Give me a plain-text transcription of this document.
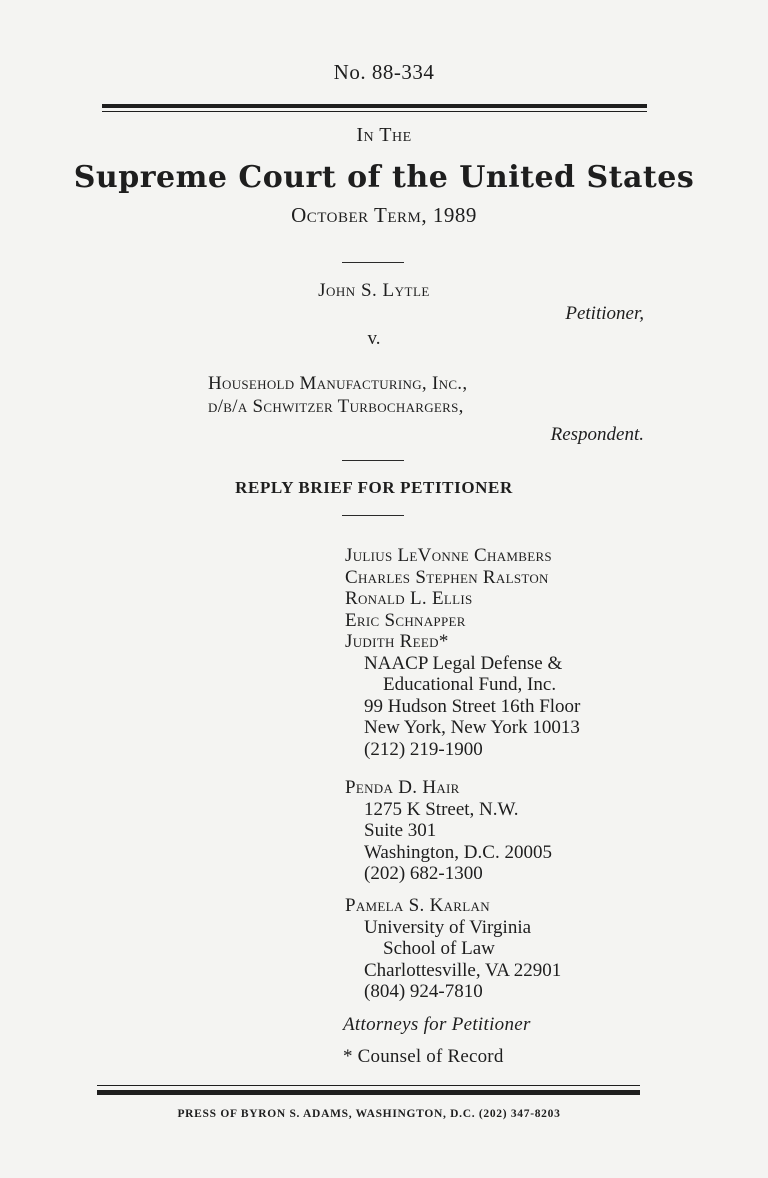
No. 88-334
In The
Supreme Court of the United States
October Term, 1989
John S. Lytle
Petitioner,
v.
Household Manufacturing, Inc.,
d/b/a Schwitzer Turbochargers,
Respondent.
REPLY BRIEF FOR PETITIONER
Julius LeVonne Chambers
Charles Stephen Ralston
Ronald L. Ellis
Eric Schnapper
Judith Reed*
NAACP Legal Defense &
Educational Fund, Inc.
99 Hudson Street 16th Floor
New York, New York 10013
(212) 219-1900
Penda D. Hair
1275 K Street, N.W.
Suite 301
Washington, D.C. 20005
(202) 682-1300
Pamela S. Karlan
University of Virginia
School of Law
Charlottesville, VA 22901
(804) 924-7810
Attorneys for Petitioner
* Counsel of Record
PRESS OF BYRON S. ADAMS, WASHINGTON, D.C. (202) 347-8203
